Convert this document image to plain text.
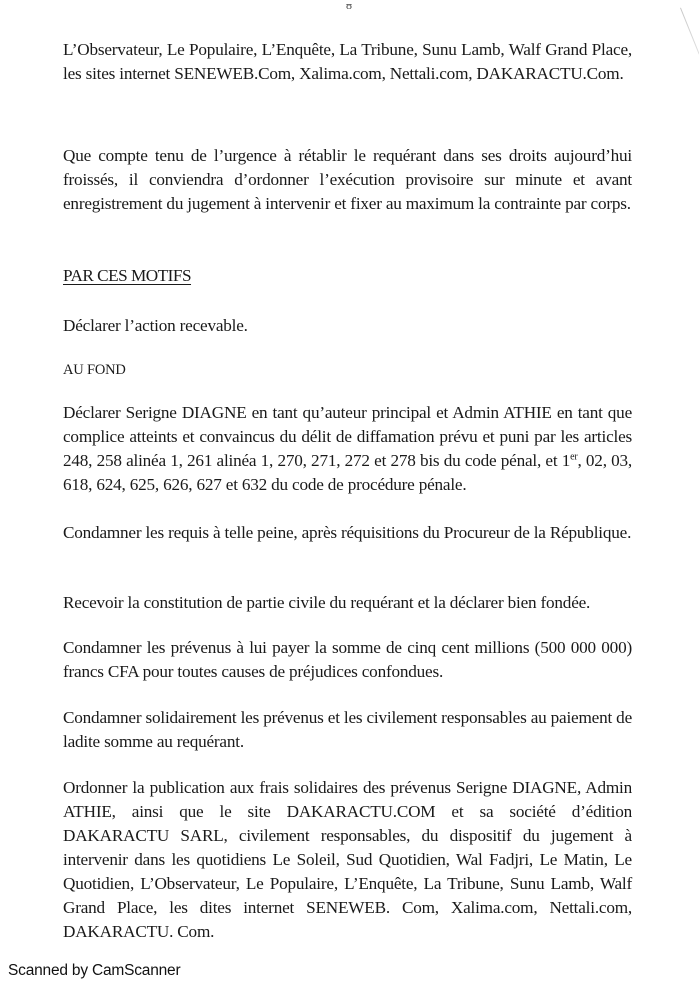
ʊ

L’Observateur, Le Populaire, L’Enquête, La Tribune, Sunu Lamb, Walf Grand Place, les sites internet SENEWEB.Com, Xalima.com, Nettali.com, DAKARACTU.Com.

Que compte tenu de l’urgence à rétablir le requérant dans ses droits aujourd’hui froissés, il conviendra d’ordonner l’exécution provisoire sur minute et avant enregistrement du jugement à intervenir et fixer au maximum la contrainte par corps.

PAR CES MOTIFS

Déclarer l’action recevable.

AU FOND

Déclarer Serigne DIAGNE en tant qu’auteur principal et Admin ATHIE en tant que complice atteints et convaincus du délit de diffamation prévu et puni par les articles 248, 258 alinéa 1, 261 alinéa 1, 270, 271, 272 et 278 bis du code pénal, et 1er, 02, 03, 618, 624, 625, 626, 627 et 632 du code de procédure pénale.

Condamner les requis à telle peine, après réquisitions du Procureur de la République.

Recevoir la constitution de partie civile du requérant et la déclarer bien fondée.

Condamner les prévenus à lui payer la somme de cinq cent millions (500 000 000) francs CFA pour toutes causes de préjudices confondues.

Condamner solidairement les prévenus et les civilement responsables au paiement de ladite somme au requérant.

Ordonner la publication aux frais solidaires des prévenus Serigne DIAGNE, Admin ATHIE, ainsi que le site DAKARACTU.COM et sa société d’édition DAKARACTU SARL, civilement responsables, du dispositif du jugement à intervenir dans les quotidiens Le Soleil, Sud Quotidien, Wal Fadjri, Le Matin, Le Quotidien, L’Observateur, Le Populaire, L’Enquête, La Tribune, Sunu Lamb, Walf Grand Place, les dites internet SENEWEB. Com, Xalima.com, Nettali.com, DAKARACTU. Com.

Scanned by CamScanner
